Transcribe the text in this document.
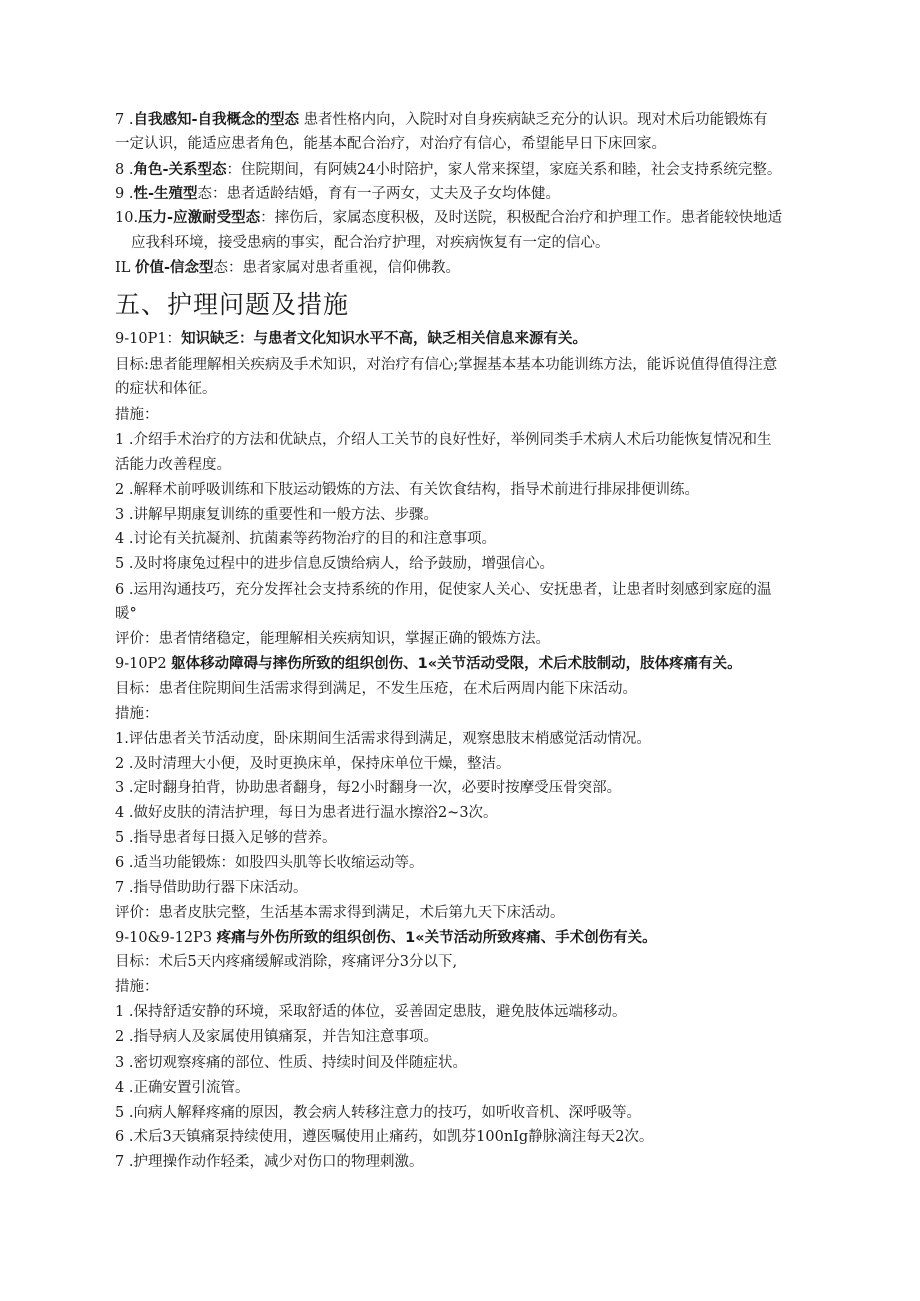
7 .自我感知-自我概念的型态 患者性格内向，入院时对自身疾病缺乏充分的认识。现对术后功能锻炼有
一定认识，能适应患者角色，能基本配合治疗，对治疗有信心，希望能早日下床回家。
8 .角色-关系型态：住院期间，有阿姨24小时陪护，家人常来探望，家庭关系和睦，社会支持系统完整。
9 .性-生殖型态：患者适龄结婚，育有一子两女，丈夫及子女均体健。
10.压力-应激耐受型态：摔伤后，家属态度积极，及时送院，积极配合治疗和护理工作。患者能较快地适
应我科环境，接受患病的事实，配合治疗护理，对疾病恢复有一定的信心。
IL 价值-信念型态：患者家属对患者重视，信仰佛教。
五、护理问题及措施
9-10P1：知识缺乏：与患者文化知识水平不高，缺乏相关信息来源有关。
目标:患者能理解相关疾病及手术知识，对治疗有信心;掌握基本基本功能训练方法，能诉说值得值得注意
的症状和体征。
措施：
1 .介绍手术治疗的方法和优缺点，介绍人工关节的良好性好，举例同类手术病人术后功能恢复情况和生
活能力改善程度。
2 .解释术前呼吸训练和下肢运动锻炼的方法、有关饮食结构，指导术前进行排尿排便训练。
3 .讲解早期康复训练的重要性和一般方法、步骤。
4 .讨论有关抗凝剂、抗菌素等药物治疗的目的和注意事项。
5 .及时将康兔过程中的进步信息反馈给病人，给予鼓励，增强信心。
6 .运用沟通技巧，充分发挥社会支持系统的作用，促使家人关心、安抚患者，让患者时刻感到家庭的温
暖°
评价：患者情绪稳定，能理解相关疾病知识，掌握正确的锻炼方法。
9-10P2 躯体移动障碍与摔伤所致的组织创伤、1«关节活动受限，术后术肢制动，肢体疼痛有关。
目标：患者住院期间生活需求得到满足，不发生压疮，在术后两周内能下床活动。
措施：
1.评估患者关节活动度，卧床期间生活需求得到满足，观察患肢末梢感觉活动情况。
2 .及时清理大小便，及时更换床单，保持床单位干燥，整洁。
3 .定时翻身拍背，协助患者翻身，每2小时翻身一次，必要时按摩受压骨突部。
4 .做好皮肤的清洁护理，每日为患者进行温水擦浴2~3次。
5 .指导患者每日摄入足够的营养。
6 .适当功能锻炼：如股四头肌等长收缩运动等。
7 .指导借助助行器下床活动。
评价：患者皮肤完整，生活基本需求得到满足，术后第九天下床活动。
9-10&9-12P3 疼痛与外伤所致的组织创伤、1«关节活动所致疼痛、手术创伤有关。
目标：术后5天内疼痛缓解或消除，疼痛评分3分以下,
措施：
1 .保持舒适安静的环境，采取舒适的体位，妥善固定患肢，避免肢体远端移动。
2 .指导病人及家属使用镇痛泵，并告知注意事项。
3 .密切观察疼痛的部位、性质、持续时间及伴随症状。
4 .正确安置引流管。
5 .向病人解释疼痛的原因，教会病人转移注意力的技巧，如听收音机、深呼吸等。
6 .术后3天镇痛泵持续使用，遵医嘱使用止痛药，如凯芬100nIg静脉滴注每天2次。
7 .护理操作动作轻柔，减少对伤口的物理刺激。
